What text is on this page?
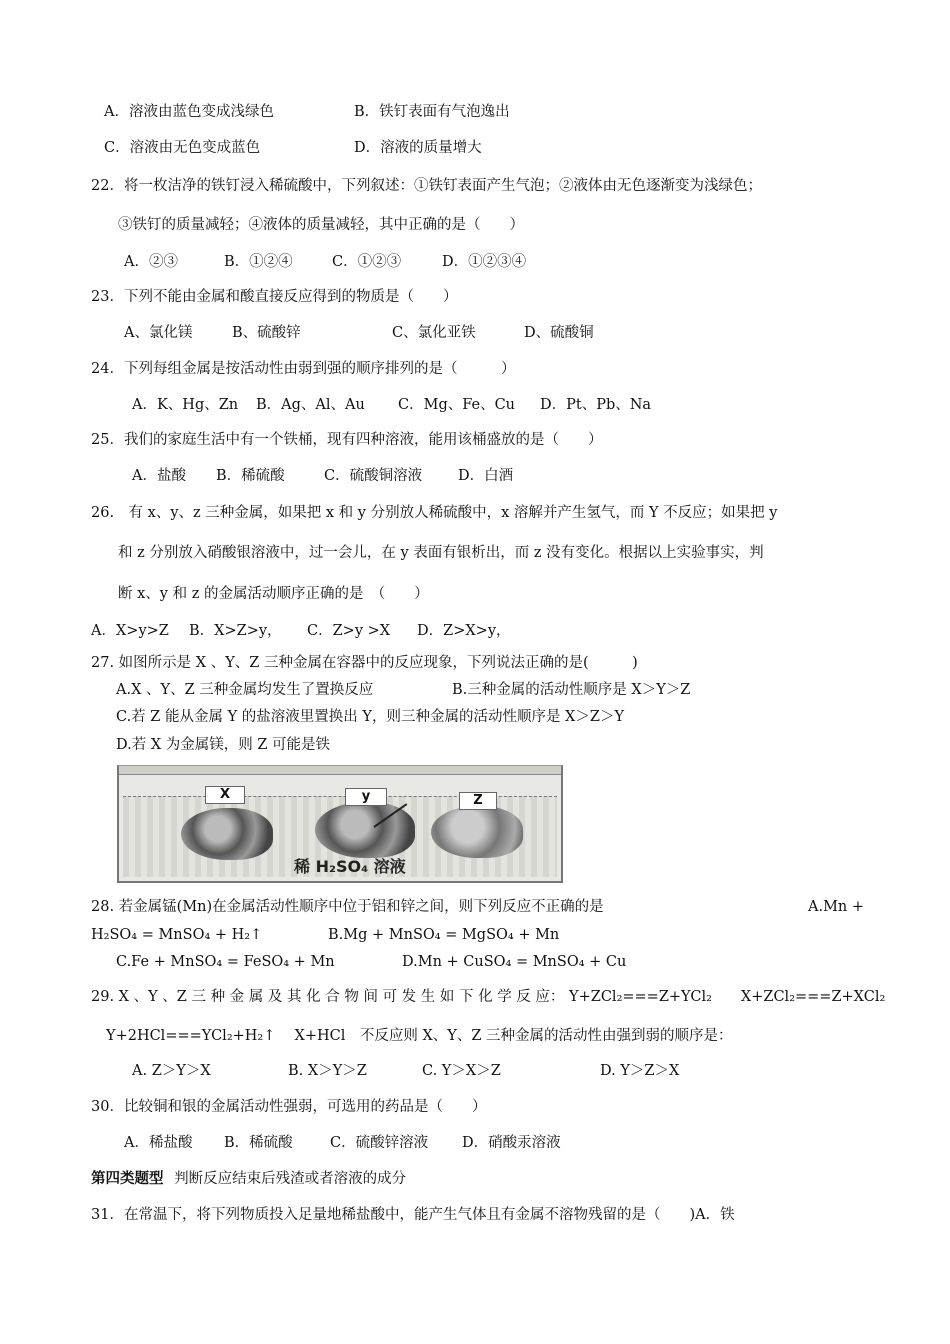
A．溶液由蓝色变成浅绿色	B．铁钉表面有气泡逸出
C．溶液由无色变成蓝色	D．溶液的质量增大
22．将一枚洁净的铁钉浸入稀硫酸中，下列叙述：①铁钉表面产生气泡；②液体由无色逐渐变为浅绿色；
③铁钉的质量减轻；④液体的质量减轻，其中正确的是（　　）
A．②③	B．①②④	C．①②③	D．①②③④
23．下列不能由金属和酸直接反应得到的物质是（　　）
A、氯化镁	B、硫酸锌	C、氯化亚铁	D、硫酸铜
24．下列每组金属是按活动性由弱到强的顺序排列的是（　　　）
A．K、Hg、Zn B．Ag、Al、Au C．Mg、Fe、Cu D．Pt、Pb、Na
25．我们的家庭生活中有一个铁桶，现有四种溶液，能用该桶盛放的是（　　）
A．盐酸 B．稀硫酸	C．硫酸铜溶液 D．白酒
26.　有 x、y、z 三种金属，如果把 x 和 y 分别放人稀硫酸中，x 溶解并产生氢气，而 Y 不反应；如果把 y
和 z 分别放入硝酸银溶液中，过一会儿，在 y 表面有银析出，而 z 没有变化。根据以上实验事实，判
断 x、y 和 z 的金属活动顺序正确的是　（　　）
A．X>y>Z B．X>Z>y， C．Z>y >X D．Z>X>y，
27. 如图所示是 X 、Y、Z 三种金属在容器中的反应现象，下列说法正确的是(　　　)
A.X 、Y、Z 三种金属均发生了置换反应	B.三种金属的活动性顺序是 X＞Y＞Z
C.若 Z 能从金属 Y 的盐溶液里置换出 Y，则三种金属的活动性顺序是 X＞Z＞Y
D.若 X 为金属镁，则 Z 可能是铁
X	y	Z
稀 H₂SO₄ 溶液
28. 若金属锰(Mn)在金属活动性顺序中位于铝和锌之间，则下列反应不正确的是	A.Mn +
H₂SO₄ = MnSO₄ + H₂↑	B.Mg + MnSO₄ = MgSO₄ + Mn
C.Fe + MnSO₄ = FeSO₄ + Mn	D.Mn + CuSO₄ = MnSO₄ + Cu
29. X 、Y 、Z 三 种 金 属 及 其 化 合 物 间 可 发 生 如 下 化 学 反 应： Y+ZCl₂===Z+YCl₂　　X+ZCl₂===Z+XCl₂
Y+2HCl===YCl₂+H₂↑　 X+HCl　不反应则 X、Y、Z 三种金属的活动性由强到弱的顺序是：
A. Z＞Y＞X	B. X＞Y＞Z	C. Y＞X＞Z	D. Y＞Z＞X
30．比较铜和银的金属活动性强弱，可选用的药品是（　　）
A．稀盐酸 B．稀硫酸	C．硫酸锌溶液 D．硝酸汞溶液
第四类题型 判断反应结束后残渣或者溶液的成分
31．在常温下，将下列物质投入足量地稀盐酸中，能产生气体且有金属不溶物残留的是（　　)A．铁
